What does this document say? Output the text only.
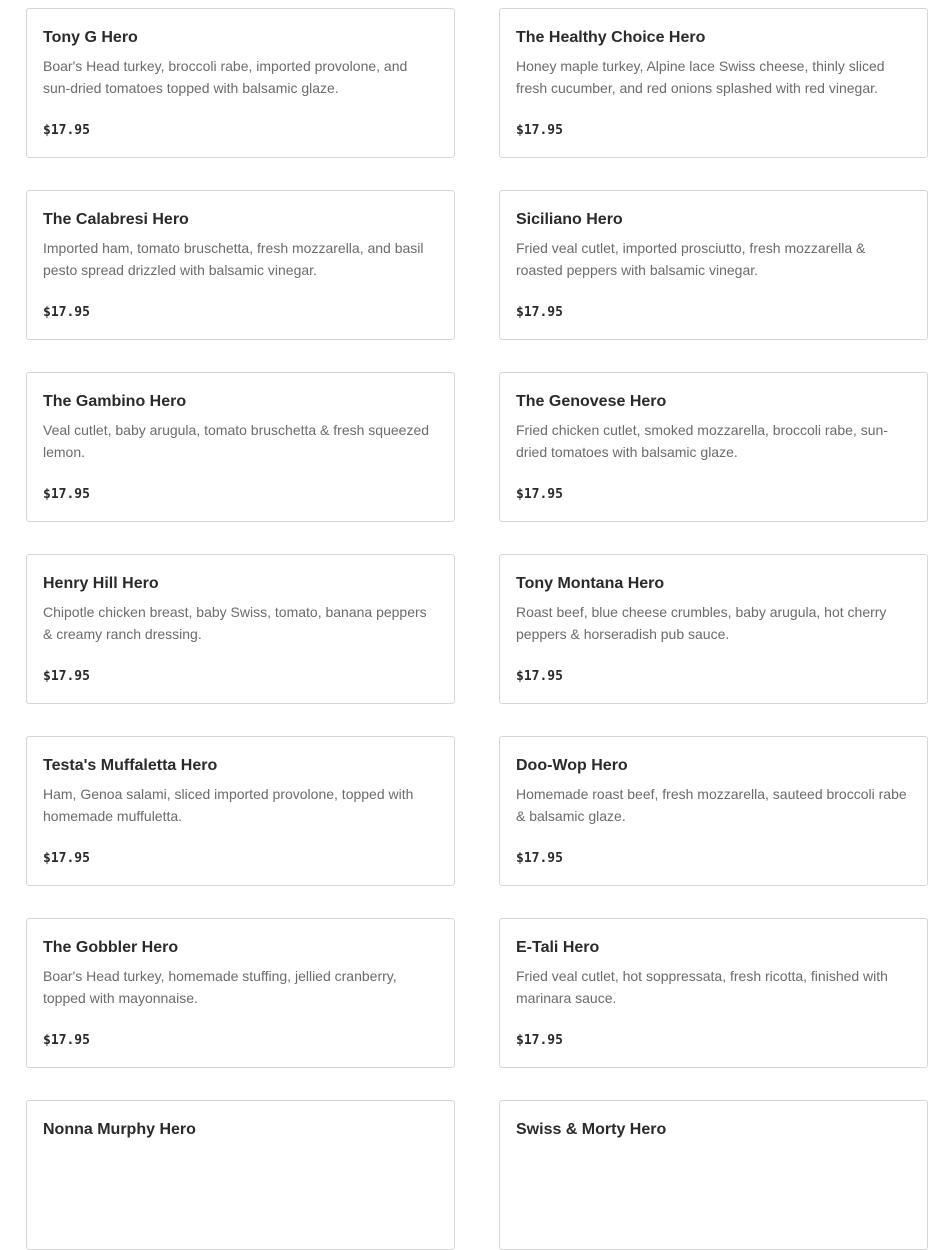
Tony G Hero
Boar's Head turkey, broccoli rabe, imported provolone, and sun-dried tomatoes topped with balsamic glaze.
$17.95
The Healthy Choice Hero
Honey maple turkey, Alpine lace Swiss cheese, thinly sliced fresh cucumber, and red onions splashed with red vinegar.
$17.95
The Calabresi Hero
Imported ham, tomato bruschetta, fresh mozzarella, and basil pesto spread drizzled with balsamic vinegar.
$17.95
Siciliano Hero
Fried veal cutlet, imported prosciutto, fresh mozzarella & roasted peppers with balsamic vinegar.
$17.95
The Gambino Hero
Veal cutlet, baby arugula, tomato bruschetta & fresh squeezed lemon.
$17.95
The Genovese Hero
Fried chicken cutlet, smoked mozzarella, broccoli rabe, sun-dried tomatoes with balsamic glaze.
$17.95
Henry Hill Hero
Chipotle chicken breast, baby Swiss, tomato, banana peppers & creamy ranch dressing.
$17.95
Tony Montana Hero
Roast beef, blue cheese crumbles, baby arugula, hot cherry peppers & horseradish pub sauce.
$17.95
Testa's Muffaletta Hero
Ham, Genoa salami, sliced imported provolone, topped with homemade muffuletta.
$17.95
Doo-Wop Hero
Homemade roast beef, fresh mozzarella, sauteed broccoli rabe & balsamic glaze.
$17.95
The Gobbler Hero
Boar's Head turkey, homemade stuffing, jellied cranberry, topped with mayonnaise.
$17.95
E-Tali Hero
Fried veal cutlet, hot soppressata, fresh ricotta, finished with marinara sauce.
$17.95
Nonna Murphy Hero	Swiss & Morty Hero
